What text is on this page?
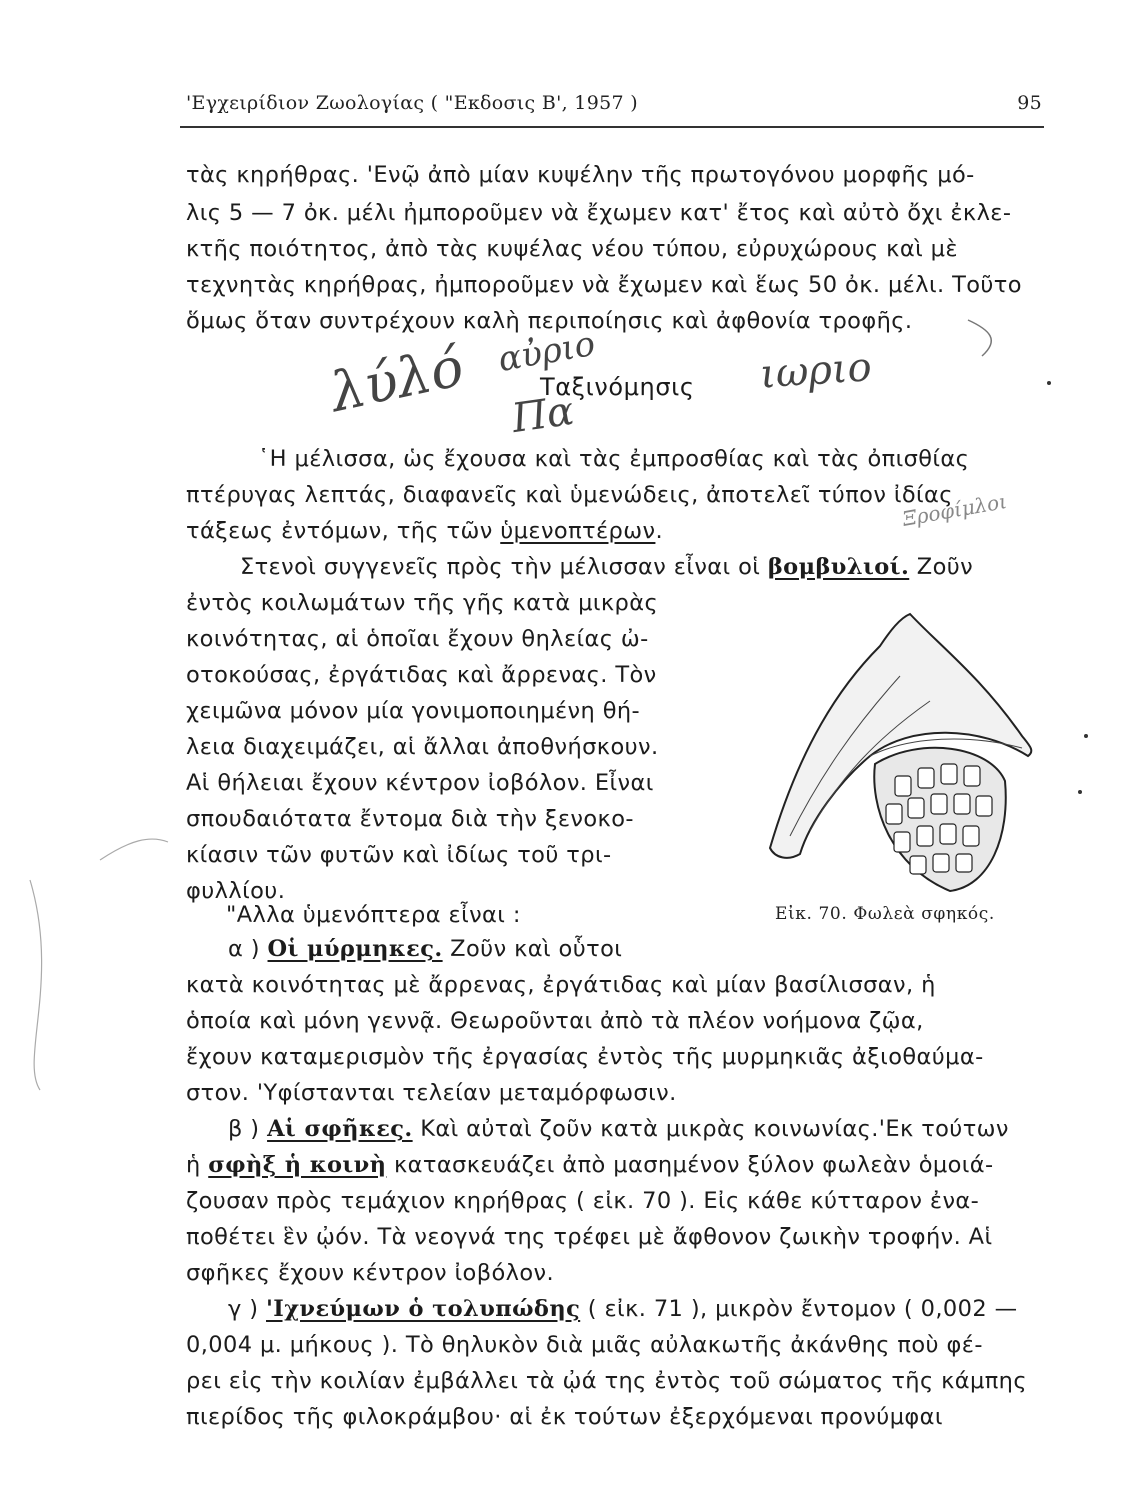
'Εγχειρίδιον Ζωολογίας ( "Εκδοσις Β', 1957 )	95
τὰς κηρήθρας. 'Ενῷ ἀπὸ μίαν κυψέλην τῆς πρωτογόνου μορφῆς μό-
λις 5 — 7 ὀκ. μέλι ἠμποροῦμεν νὰ ἔχωμεν κατ' ἔτος καὶ αὐτὸ ὄχι ἐκλε-
κτῆς ποιότητος, ἀπὸ τὰς κυψέλας νέου τύπου, εὐρυχώρους καὶ μὲ
τεχνητὰς κηρήθρας, ἠμποροῦμεν νὰ ἔχωμεν καὶ ἕως 50 ὀκ. μέλι. Τοῦτο
ὅμως ὅταν συντρέχουν καλὴ περιποίησις καὶ ἀφθονία τροφῆς.
λύλό αὐριο
Πα
ιωριο
Ξροφίμλοι
Ταξινόμησις
῾Η μέλισσα, ὡς ἔχουσα καὶ τὰς ἐμπροσθίας καὶ τὰς ὀπισθίας
πτέρυγας λεπτάς, διαφανεῖς καὶ ὑμενώδεις, ἀποτελεῖ τύπον ἰδίας
τάξεως ἐντόμων, τῆς τῶν ὑμενοπτέρων.
Στενοὶ συγγενεῖς πρὸς τὴν μέλισσαν εἶναι οἱ βομβυλιοί. Ζοῦν
ἐντὸς κοιλωμάτων τῆς γῆς κατὰ μικρὰς
κοινότητας, αἱ ὁποῖαι ἔχουν θηλείας ὠ-
οτοκούσας, ἐργάτιδας καὶ ἄρρενας. Τὸν
χειμῶνα μόνον μία γονιμοποιημένη θή-
λεια διαχειμάζει, αἱ ἄλλαι ἀποθνήσκουν.
Αἱ θήλειαι ἔχουν κέντρον ἰοβόλον. Εἶναι
σπουδαιότατα ἔντομα διὰ τὴν ξενοκο-
κίασιν τῶν φυτῶν καὶ ἰδίως τοῦ τρι-
φυλλίου.
Εἰκ. 70. Φωλεὰ σφηκός.
"Αλλα ὑμενόπτερα εἶναι :
α ) Οἱ μύρμηκες. Ζοῦν καὶ οὗτοι
κατὰ κοινότητας μὲ ἄρρενας, ἐργάτιδας καὶ μίαν βασίλισσαν, ἡ
ὁποία καὶ μόνη γεννᾷ. Θεωροῦνται ἀπὸ τὰ πλέον νοήμονα ζῷα,
ἔχουν καταμερισμὸν τῆς ἐργασίας ἐντὸς τῆς μυρμηκιᾶς ἀξιοθαύμα-
στον. 'Υφίστανται τελείαν μεταμόρφωσιν.
β ) Αἱ σφῆκες. Καὶ αὐταὶ ζοῦν κατὰ μικρὰς κοινωνίας.'Εκ τούτων
ἡ σφὴξ ἡ κοινὴ κατασκευάζει ἀπὸ μασημένον ξύλον φωλεὰν ὁμοιά-
ζουσαν πρὸς τεμάχιον κηρήθρας ( εἰκ. 70 ). Εἰς κάθε κύτταρον ἐνα-
ποθέτει ἓν ᾠόν. Τὰ νεογνά της τρέφει μὲ ἄφθονον ζωικὴν τροφήν. Αἱ
σφῆκες ἔχουν κέντρον ἰοβόλον.
γ ) 'Ιχνεύμων ὁ τολυπώδης ( εἰκ. 71 ), μικρὸν ἔντομον ( 0,002 —
0,004 μ. μήκους ). Τὸ θηλυκὸν διὰ μιᾶς αὐλακωτῆς ἀκάνθης ποὺ φέ-
ρει εἰς τὴν κοιλίαν ἐμβάλλει τὰ ᾠά της ἐντὸς τοῦ σώματος τῆς κάμπης
πιερίδος τῆς φιλοκράμβου· αἱ ἐκ τούτων ἐξερχόμεναι προνύμφαι
